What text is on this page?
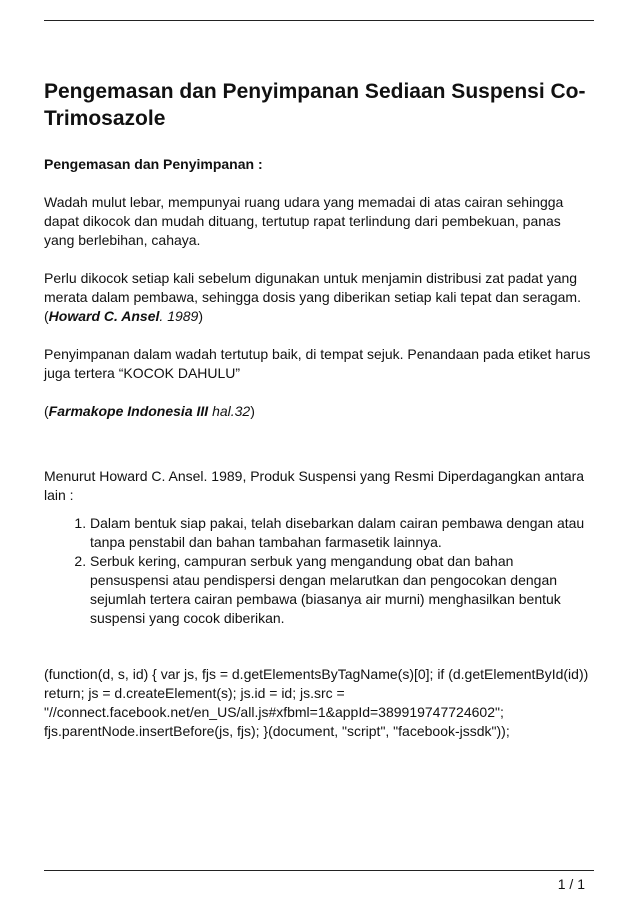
Pengemasan dan Penyimpanan Sediaan Suspensi Co-Trimosazole
Pengemasan dan Penyimpanan :

Wadah mulut lebar, mempunyai ruang udara yang memadai di atas cairan sehingga dapat dikocok dan mudah dituang, tertutup rapat terlindung dari pembekuan, panas yang berlebihan, cahaya.

Perlu dikocok setiap kali sebelum digunakan untuk menjamin distribusi zat padat yang merata dalam pembawa, sehingga dosis yang diberikan setiap kali tepat dan seragam. (Howard C. Ansel. 1989)

Penyimpanan dalam wadah tertutup baik, di tempat sejuk. Penandaan pada etiket harus juga tertera “KOCOK DAHULU”

(Farmakope Indonesia III hal.32)

Menurut Howard C. Ansel. 1989, Produk Suspensi yang Resmi Diperdagangkan antara lain :

1. Dalam bentuk siap pakai, telah disebarkan dalam cairan pembawa dengan atau tanpa penstabil dan bahan tambahan farmasetik lainnya.
2. Serbuk kering, campuran serbuk yang mengandung obat dan bahan pensuspensi atau pendispersi dengan melarutkan dan pengocokan dengan sejumlah tertera cairan pembawa (biasanya air murni) menghasilkan bentuk suspensi yang cocok diberikan.

(function(d, s, id) { var js, fjs = d.getElementsByTagName(s)[0]; if (d.getElementById(id)) return; js = d.createElement(s); js.id = id; js.src = "//connect.facebook.net/en_US/all.js#xfbml=1&appId=389919747724602"; fjs.parentNode.insertBefore(js, fjs); }(document, "script", "facebook-jssdk"));

1 / 1
